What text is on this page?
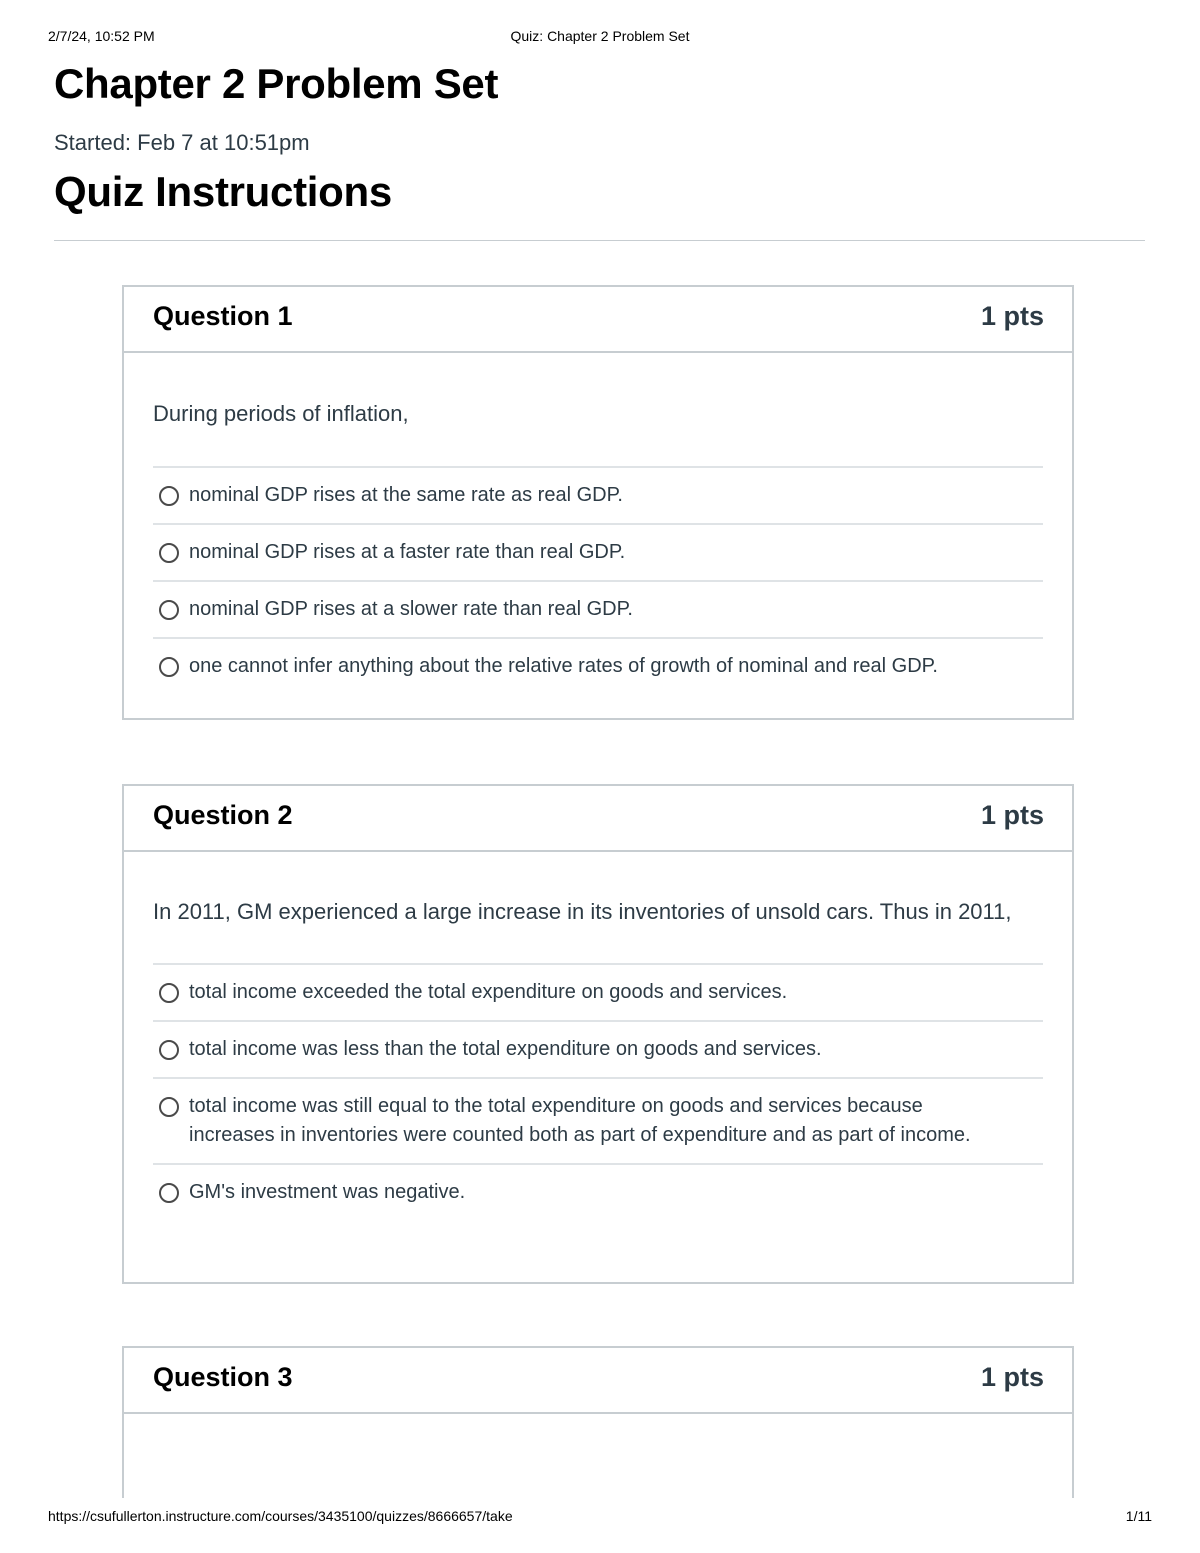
2/7/24, 10:52 PM	Quiz: Chapter 2 Problem Set
Chapter 2 Problem Set
Started: Feb 7 at 10:51pm
Quiz Instructions
Question 1	1 pts
During periods of inflation,
nominal GDP rises at the same rate as real GDP.
nominal GDP rises at a faster rate than real GDP.
nominal GDP rises at a slower rate than real GDP.
one cannot infer anything about the relative rates of growth of nominal and real GDP.
Question 2	1 pts
In 2011, GM experienced a large increase in its inventories of unsold cars. Thus in 2011,
total income exceeded the total expenditure on goods and services.
total income was less than the total expenditure on goods and services.
total income was still equal to the total expenditure on goods and services because increases in inventories were counted both as part of expenditure and as part of income.
GM's investment was negative.
Question 3	1 pts
https://csufullerton.instructure.com/courses/3435100/quizzes/8666657/take	1/11
